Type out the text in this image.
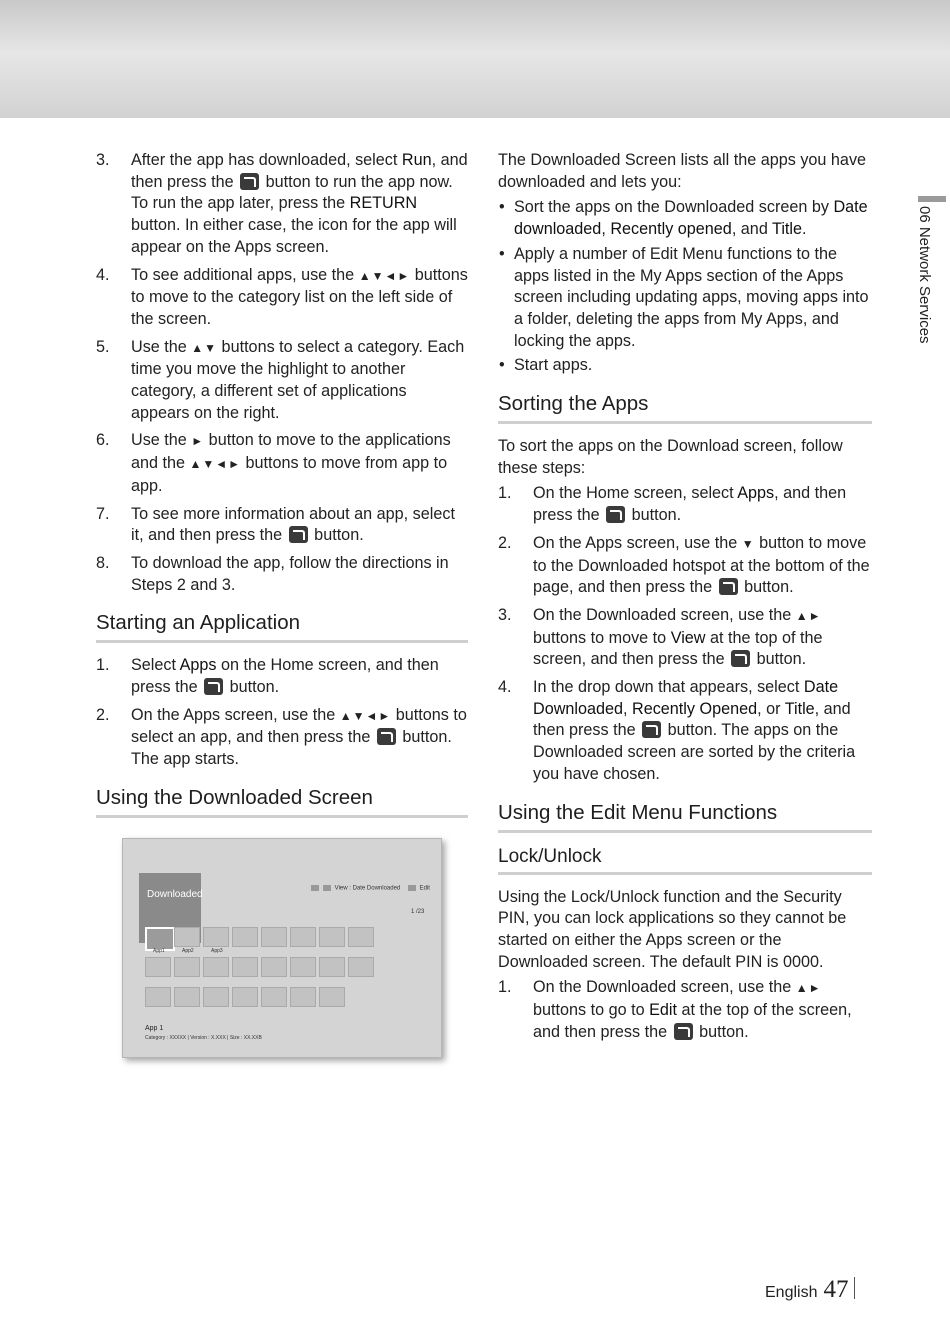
3. After the app has downloaded, select Run, and then press the  button to run the app now. To run the app later, press the RETURN button. In either case, the icon for the app will appear on the Apps screen.
4. To see additional apps, use the ▲▼◄► buttons to move to the category list on the left side of the screen.
5. Use the ▲▼ buttons to select a category. Each time you move the highlight to another category, a different set of applications appears on the right.
6. Use the ► button to move to the applications and the ▲▼◄► buttons to move from app to app.
7. To see more information about an app, select it, and then press the  button.
8. To download the app, follow the directions in Steps 2 and 3.
Starting an Application
1. Select Apps on the Home screen, and then press the  button.
2. On the Apps screen, use the ▲▼◄► buttons to select an app, and then press the  button. The app starts.
Using the Downloaded Screen
Downloaded
View : Date Downloaded	Edit
1 /23
App1	App2	App3
App 1
Category : XXXXX | Version : X.XXX | Size : XX.XXB

The Downloaded Screen lists all the apps you have downloaded and lets you:

• Sort the apps on the Downloaded screen by Date downloaded, Recently opened, and Title.
• Apply a number of Edit Menu functions to the apps listed in the My Apps section of the Apps screen including updating apps, moving apps into a folder, deleting the apps from My Apps, and locking the apps.
• Start apps.
Sorting the Apps

To sort the apps on the Download screen, follow these steps:

1. On the Home screen, select Apps, and then press the  button.
2. On the Apps screen, use the ▼ button to move to the Downloaded hotspot at the bottom of the page, and then press the  button.
3. On the Downloaded screen, use the ▲► buttons to move to View at the top of the screen, and then press the  button.
4. In the drop down that appears, select Date Downloaded, Recently Opened, or Title, and then press the  button. The apps on the Downloaded screen are sorted by the criteria you have chosen.
Using the Edit Menu Functions
Lock/Unlock

Using the Lock/Unlock function and the Security PIN, you can lock applications so they cannot be started on either the Apps screen or the Downloaded screen. The default PIN is 0000.

1. On the Downloaded screen, use the ▲► buttons to go to Edit at the top of the screen, and then press the  button.
06 Network Services
English 47
